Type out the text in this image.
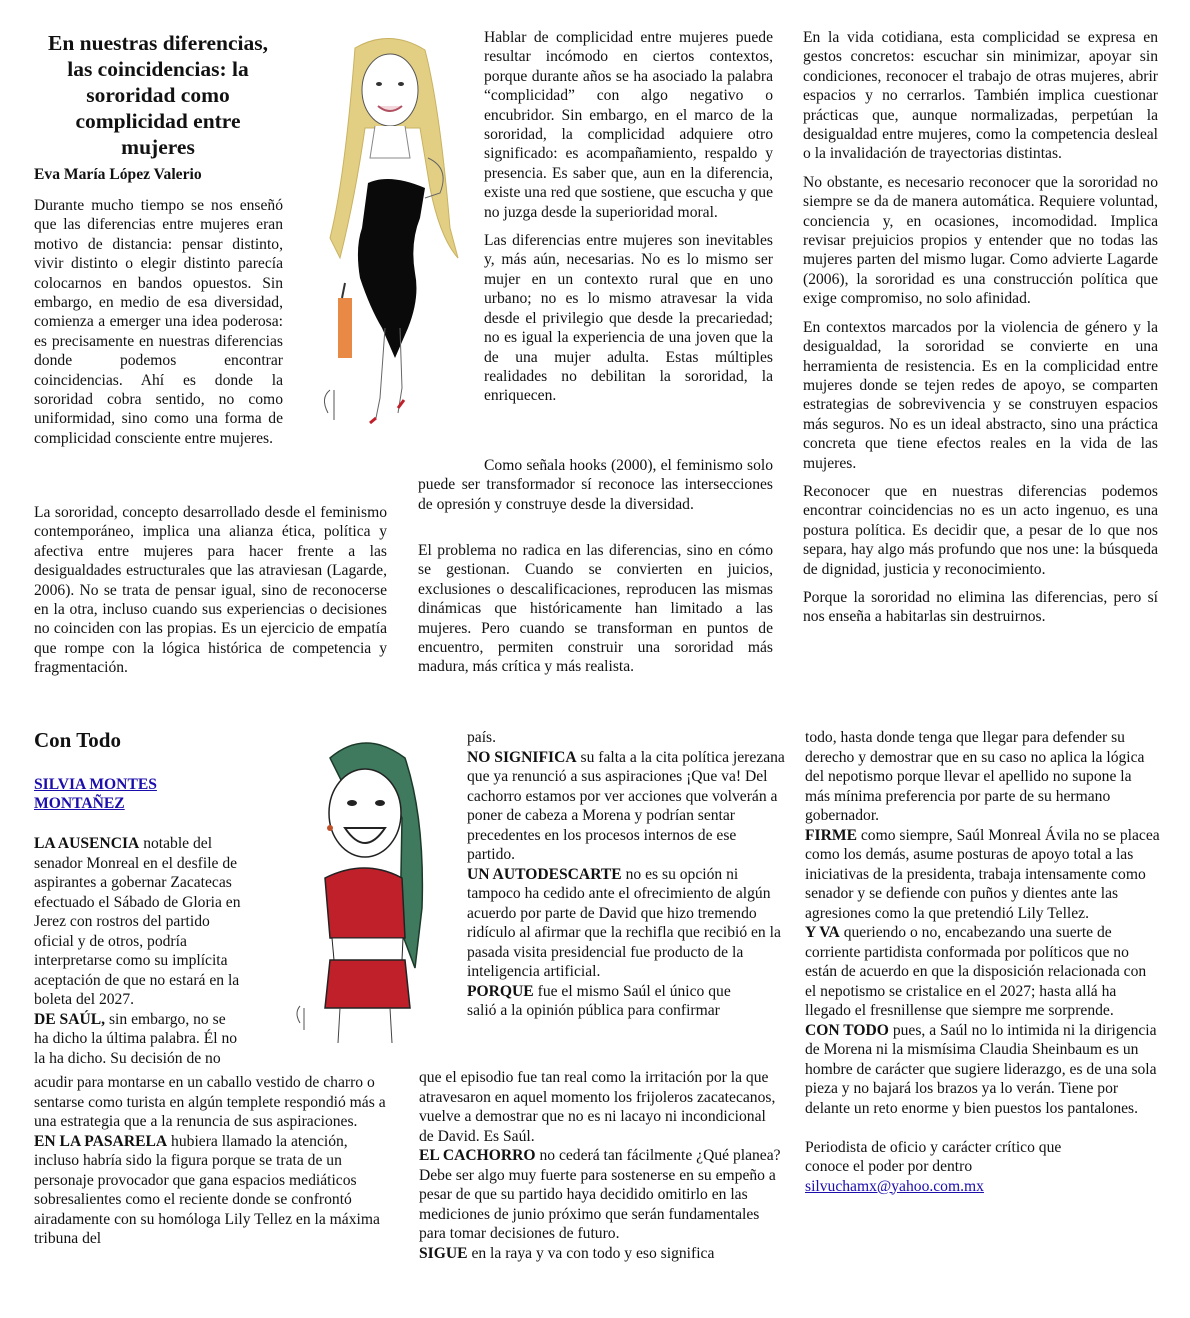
En nuestras diferencias,
las coincidencias: la
sororidad como
complicidad entre
mujeres
Eva María López Valerio

Durante mucho tiempo se nos enseñó que las diferencias entre mujeres eran motivo de distancia: pensar distinto, vivir distinto o elegir distinto parecía colocarnos en bandos opuestos. Sin embargo, en medio de esa diversidad, comienza a emerger una idea poderosa: es precisamente en nuestras diferencias donde podemos encontrar coincidencias. Ahí es donde la sororidad cobra sentido, no como uniformidad, sino como una forma de complicidad consciente entre mujeres.

La sororidad, concepto desarrollado desde el feminismo contemporáneo, implica una alianza ética, política y afectiva entre mujeres para hacer frente a las desigualdades estructurales que las atraviesan (Lagarde, 2006). No se trata de pensar igual, sino de reconocerse en la otra, incluso cuando sus experiencias o decisiones no coinciden con las propias. Es un ejercicio de empatía que rompe con la lógica histórica de competencia y fragmentación.

Hablar de complicidad entre mujeres puede resultar incómodo en ciertos contextos, porque durante años se ha asociado la palabra “complicidad” con algo negativo o encubridor. Sin embargo, en el marco de la sororidad, la complicidad adquiere otro significado: es acompañamiento, respaldo y presencia. Es saber que, aun en la diferencia, existe una red que sostiene, que escucha y que no juzga desde la superioridad moral.

Las diferencias entre mujeres son inevitables y, más aún, necesarias. No es lo mismo ser mujer en un contexto rural que en uno urbano; no es lo mismo atravesar la vida desde el privilegio que desde la precariedad; no es igual la experiencia de una joven que la de una mujer adulta. Estas múltiples realidades no debilitan la sororidad, la enriquecen.

Como señala hooks (2000), el feminismo solo puede ser transformador sí reconoce las intersecciones de opresión y construye desde la diversidad.

El problema no radica en las diferencias, sino en cómo se gestionan. Cuando se convierten en juicios, exclusiones o descalificaciones, reproducen las mismas dinámicas que históricamente han limitado a las mujeres. Pero cuando se transforman en puntos de encuentro, permiten construir una sororidad más madura, más crítica y más realista.

En la vida cotidiana, esta complicidad se expresa en gestos concretos: escuchar sin minimizar, apoyar sin condiciones, reconocer el trabajo de otras mujeres, abrir espacios y no cerrarlos. También implica cuestionar prácticas que, aunque normalizadas, perpetúan la desigualdad entre mujeres, como la competencia desleal o la invalidación de trayectorias distintas.

No obstante, es necesario reconocer que la sororidad no siempre se da de manera automática. Requiere voluntad, conciencia y, en ocasiones, incomodidad. Implica revisar prejuicios propios y entender que no todas las mujeres parten del mismo lugar. Como advierte Lagarde (2006), la sororidad es una construcción política que exige compromiso, no solo afinidad.

En contextos marcados por la violencia de género y la desigualdad, la sororidad se convierte en una herramienta de resistencia. Es en la complicidad entre mujeres donde se tejen redes de apoyo, se comparten estrategias de sobrevivencia y se construyen espacios más seguros. No es un ideal abstracto, sino una práctica concreta que tiene efectos reales en la vida de las mujeres.

Reconocer que en nuestras diferencias podemos encontrar coincidencias no es un acto ingenuo, es una postura política. Es decidir que, a pesar de lo que nos separa, hay algo más profundo que nos une: la búsqueda de dignidad, justicia y reconocimiento.

Porque la sororidad no elimina las diferencias, pero sí nos enseña a habitarlas sin destruirnos.

Con Todo
SILVIA MONTES
MONTAÑEZ
LA AUSENCIA notable del
senador Monreal en el desfile de
aspirantes a gobernar Zacatecas
efectuado el Sábado de Gloria en
Jerez con rostros del partido
oficial y de otros, podría
interpretarse como su implícita
aceptación de que no estará en la
boleta del 2027.
DE SAÚL, sin embargo, no se
ha dicho la última palabra. Él no
la ha dicho. Su decisión de no
acudir para montarse en un caballo vestido de charro o sentarse como turista en algún templete respondió más a una estrategia que a la renuncia de sus aspiraciones.
EN LA PASARELA hubiera llamado la atención, incluso habría sido la figura porque se trata de un personaje provocador que gana espacios mediáticos sobresalientes como el reciente donde se confrontó airadamente con su homóloga Lily Tellez en la máxima tribuna del
país.
NO SIGNIFICA su falta a la cita política jerezana que ya renunció a sus aspiraciones ¡Que va! Del cachorro estamos por ver acciones que volverán a poner de cabeza a Morena y podrían sentar precedentes en los procesos internos de ese partido.
UN AUTODESCARTE no es su opción ni tampoco ha cedido ante el ofrecimiento de algún acuerdo por parte de David que hizo tremendo ridículo al afirmar que la rechifla que recibió en la pasada visita presidencial fue producto de la inteligencia artificial.
PORQUE fue el mismo Saúl el único que
salió a la opinión pública para confirmar
que el episodio fue tan real como la irritación por la que atravesaron en aquel momento los frijoleros zacatecanos, vuelve a demostrar que no es ni lacayo ni incondicional de David. Es Saúl.
EL CACHORRO no cederá tan fácilmente ¿Qué planea? Debe ser algo muy fuerte para sostenerse en su empeño a pesar de que su partido haya decidido omitirlo en las mediciones de junio próximo que serán fundamentales para tomar decisiones de futuro.
SIGUE en la raya y va con todo y eso significa
todo, hasta donde tenga que llegar para defender su derecho y demostrar que en su caso no aplica la lógica del nepotismo porque llevar el apellido no supone la más mínima preferencia por parte de su hermano gobernador.
FIRME como siempre, Saúl Monreal Ávila no se placea como los demás, asume posturas de apoyo total a las iniciativas de la presidenta, trabaja intensamente como senador y se defiende con puños y dientes ante las agresiones como la que pretendió Lily Tellez.
Y VA queriendo o no, encabezando una suerte de corriente partidista conformada por políticos que no están de acuerdo en que la disposición relacionada con el nepotismo se cristalice en el 2027; hasta allá ha llegado el fresnillense que siempre me sorprende.
CON TODO pues, a Saúl no lo intimida ni la dirigencia de Morena ni la mismísima Claudia Sheinbaum es un hombre de carácter que sugiere liderazgo, es de una sola pieza y no bajará los brazos ya lo verán. Tiene por delante un reto enorme y bien puestos los pantalones.

Periodista de oficio y carácter crítico que
conoce el poder por dentro
silvuchamx@yahoo.com.mx
